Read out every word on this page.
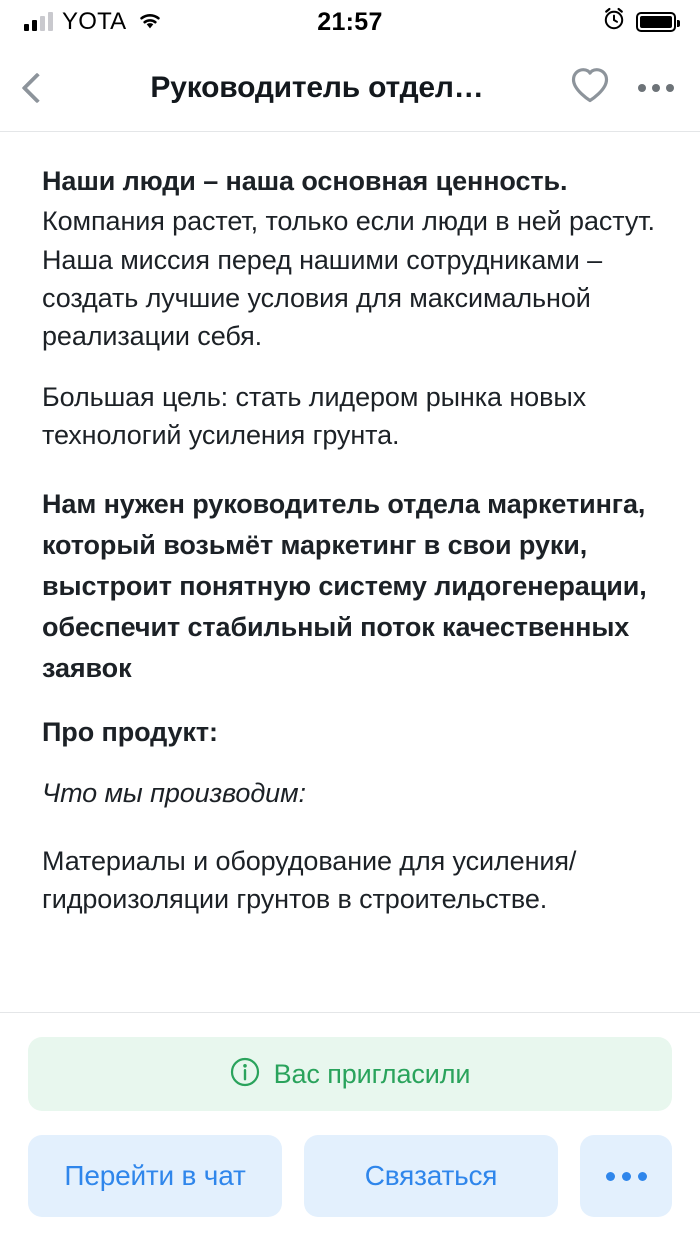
YOTA	21:57
Руководитель отдел…

Наши люди – наша основная ценность.
Компания растет, только если люди в ней растут. Наша миссия перед нашими сотрудниками – создать лучшие условия для максимальной реализации себя.

Большая цель: стать лидером рынка новых технологий усиления грунта.

Нам нужен руководитель отдела маркетинга, который возьмёт маркетинг в свои руки, выстроит понятную систему лидогенерации, обеспечит стабильный поток качественных заявок

Про продукт:

Что мы производим:

Материалы и оборудование для усиления/ гидроизоляции грунтов в строительстве.

Вас пригласили
Перейти в чат	Связаться
